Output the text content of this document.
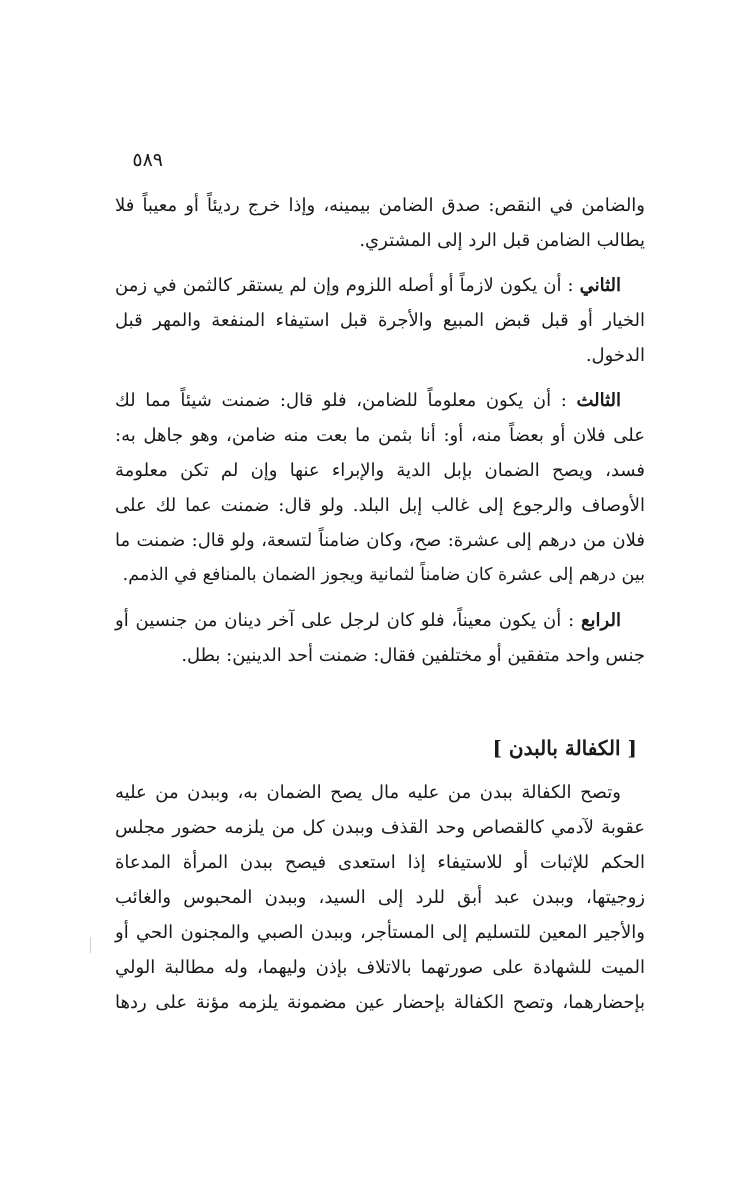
٥٨٩
والضامن في النقص: صدق الضامن بيمينه، وإذا خرج رديئاً أو معيباً فلا
يطالب الضامن قبل الرد إلى المشتري.
الثاني : أن يكون لازماً أو أصله اللزوم وإن لم يستقر كالثمن في زمن
الخيار أو قبل قبض المبيع والأجرة قبل استيفاء المنفعة والمهر قبل
الدخول.
الثالث : أن يكون معلوماً للضامن، فلو قال: ضمنت شيئاً مما لك
على فلان أو بعضاً منه، أو: أنا بثمن ما بعت منه ضامن، وهو جاهل به:
فسد، ويصح الضمان بإبل الدية والإبراء عنها وإن لم تكن معلومة
الأوصاف والرجوع إلى غالب إبل البلد. ولو قال: ضمنت عما لك على
فلان من درهم إلى عشرة: صح، وكان ضامناً لتسعة، ولو قال: ضمنت ما
بين درهم إلى عشرة كان ضامناً لثمانية ويجوز الضمان بالمنافع في الذمم.
الرابع : أن يكون معيناً، فلو كان لرجل على آخر دينان من جنسين أو
جنس واحد متفقين أو مختلفين فقال: ضمنت أحد الدينين: بطل.
[ الكفالة بالبدن ]
وتصح الكفالة ببدن من عليه مال يصح الضمان به، وببدن من عليه
عقوبة لآدمي كالقصاص وحد القذف وببدن كل من يلزمه حضور مجلس
الحكم للإثبات أو للاستيفاء إذا استعدى فيصح ببدن المرأة المدعاة
زوجيتها، وببدن عبد أبق للرد إلى السيد، وببدن المحبوس والغائب
والأجير المعين للتسليم إلى المستأجر، وببدن الصبي والمجنون الحي أو
الميت للشهادة على صورتهما بالاتلاف بإذن وليهما، وله مطالبة الولي
بإحضارهما، وتصح الكفالة بإحضار عين مضمونة يلزمه مؤنة على ردها
